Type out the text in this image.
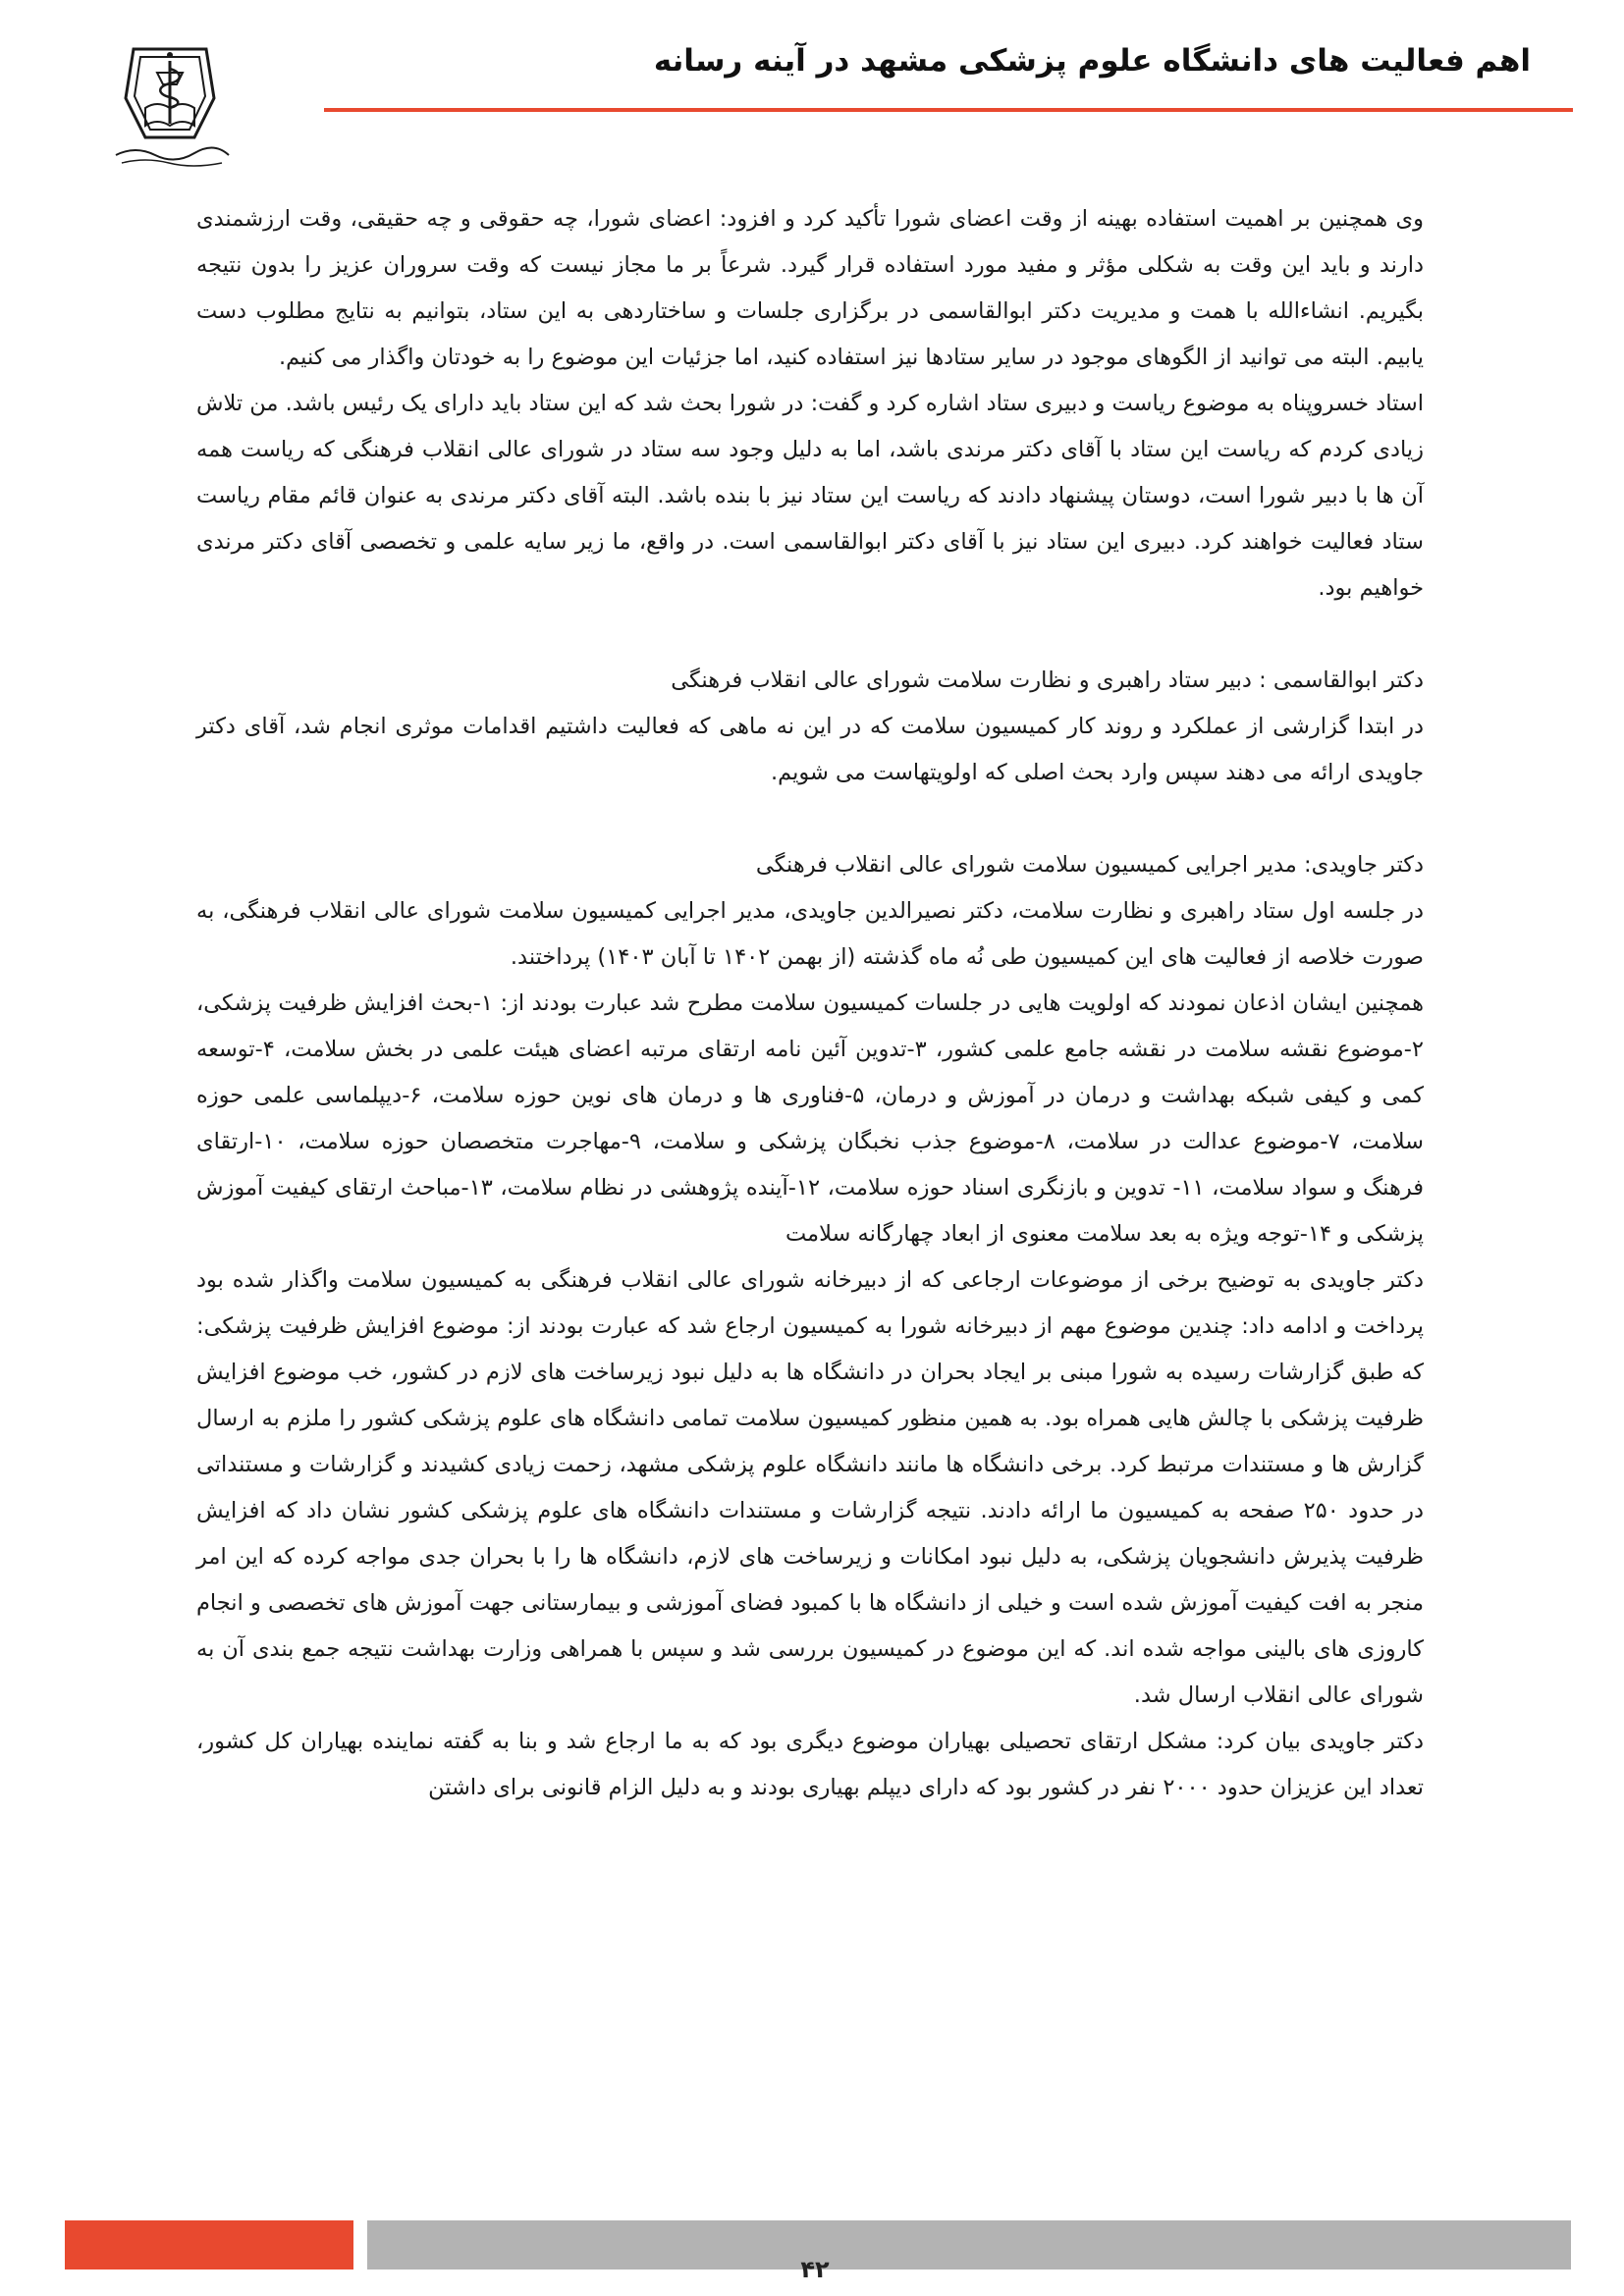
اهم فعالیت های دانشگاه علوم پزشکی مشهد در آینه رسانه

وی همچنین بر اهمیت استفاده بهینه از وقت اعضای شورا تأکید کرد و افزود: اعضای شورا، چه حقوقی و چه حقیقی، وقت ارزشمندی دارند و باید این وقت به شکلی مؤثر و مفید مورد استفاده قرار گیرد. شرعاً بر ما مجاز نیست که وقت سروران عزیز را بدون نتیجه بگیریم. انشاءالله با همت و مدیریت دکتر ابوالقاسمی در برگزاری جلسات و ساختاردهی به این ستاد، بتوانیم به نتایج مطلوب دست یابیم. البته می توانید از الگوهای موجود در سایر ستادها نیز استفاده کنید، اما جزئیات این موضوع را به خودتان واگذار می کنیم.

استاد خسروپناه به موضوع ریاست و دبیری ستاد اشاره کرد و گفت: در شورا بحث شد که این ستاد باید دارای یک رئیس باشد. من تلاش زیادی کردم که ریاست این ستاد با آقای دکتر مرندی باشد، اما به دلیل وجود سه ستاد در شورای عالی انقلاب فرهنگی که ریاست همه آن ها با دبیر شورا است، دوستان پیشنهاد دادند که ریاست این ستاد نیز با بنده باشد. البته آقای دکتر مرندی به عنوان قائم مقام ریاست ستاد فعالیت خواهند کرد. دبیری این ستاد نیز با آقای دکتر ابوالقاسمی است. در واقع، ما زیر سایه علمی و تخصصی آقای دکتر مرندی خواهیم بود.

دکتر ابوالقاسمی : دبیر ستاد راهبری و نظارت سلامت شورای عالی انقلاب فرهنگی

در ابتدا گزارشی از عملکرد و روند کار کمیسیون سلامت که در این نه ماهی که فعالیت داشتیم اقدامات موثری انجام شد، آقای دکتر جاویدی ارائه می دهند سپس وارد بحث اصلی که اولویتهاست می شویم.

دکتر جاویدی: مدیر اجرایی کمیسیون سلامت شورای عالی انقلاب فرهنگی

در جلسه اول ستاد راهبری و نظارت سلامت، دکتر نصیرالدین جاویدی، مدیر اجرایی کمیسیون سلامت شورای عالی انقلاب فرهنگی، به صورت خلاصه از فعالیت های این کمیسیون طی نُه ماه گذشته (از بهمن ۱۴۰۲ تا آبان ۱۴۰۳) پرداختند.

همچنین ایشان اذعان نمودند که اولویت هایی در جلسات کمیسیون سلامت مطرح شد عبارت بودند از: ۱-بحث افزایش ظرفیت پزشکی، ۲-موضوع نقشه سلامت در نقشه جامع علمی کشور، ۳-تدوین آئین نامه ارتقای مرتبه اعضای هیئت علمی در بخش سلامت، ۴-توسعه کمی و کیفی شبکه بهداشت و درمان در آموزش و درمان، ۵-فناوری ها و درمان های نوین حوزه سلامت، ۶-دیپلماسی علمی حوزه سلامت، ۷-موضوع عدالت در سلامت، ۸-موضوع جذب نخبگان پزشکی و سلامت، ۹-مهاجرت متخصصان حوزه سلامت، ۱۰-ارتقای فرهنگ و سواد سلامت، ۱۱- تدوین و بازنگری اسناد حوزه سلامت، ۱۲-آینده پژوهشی در نظام سلامت، ۱۳-مباحث ارتقای کیفیت آموزش پزشکی و ۱۴-توجه ویژه به بعد سلامت معنوی از ابعاد چهارگانه سلامت

دکتر جاویدی به توضیح برخی از موضوعات ارجاعی که از دبیرخانه شورای عالی انقلاب فرهنگی به کمیسیون سلامت واگذار شده بود پرداخت و ادامه داد: چندین موضوع مهم از دبیرخانه شورا به کمیسیون ارجاع شد که عبارت بودند از: موضوع افزایش ظرفیت پزشکی: که طبق گزارشات رسیده به شورا مبنی بر ایجاد بحران در دانشگاه ها به دلیل نبود زیرساخت های لازم در کشور، خب موضوع افزایش ظرفیت پزشکی با چالش هایی همراه بود. به همین منظور کمیسیون سلامت تمامی دانشگاه های علوم پزشکی کشور را ملزم به ارسال گزارش ها و مستندات مرتبط کرد. برخی دانشگاه ها مانند دانشگاه علوم پزشکی مشهد، زحمت زیادی کشیدند و گزارشات و مستنداتی در حدود ۲۵۰ صفحه به کمیسیون ما ارائه دادند. نتیجه گزارشات و مستندات دانشگاه های علوم پزشکی کشور نشان داد که افزایش ظرفیت پذیرش دانشجویان پزشکی، به دلیل نبود امکانات و زیرساخت های لازم، دانشگاه ها را با بحران جدی مواجه کرده که این امر منجر به افت کیفیت آموزش شده است و خیلی از دانشگاه ها با کمبود فضای آموزشی و بیمارستانی جهت آموزش های تخصصی و انجام کاروزی های بالینی مواجه شده اند. که این موضوع در کمیسیون بررسی شد و سپس با همراهی وزارت بهداشت نتیجه جمع بندی آن به شورای عالی انقلاب ارسال شد.

دکتر جاویدی بیان کرد: مشکل ارتقای تحصیلی بهیاران موضوع دیگری بود که به ما ارجاع شد و بنا به گفته نماینده بهیاران کل کشور، تعداد این عزیزان حدود ۲۰۰۰ نفر در کشور بود که دارای دیپلم بهیاری بودند و به دلیل الزام قانونی برای داشتن

۴۲
